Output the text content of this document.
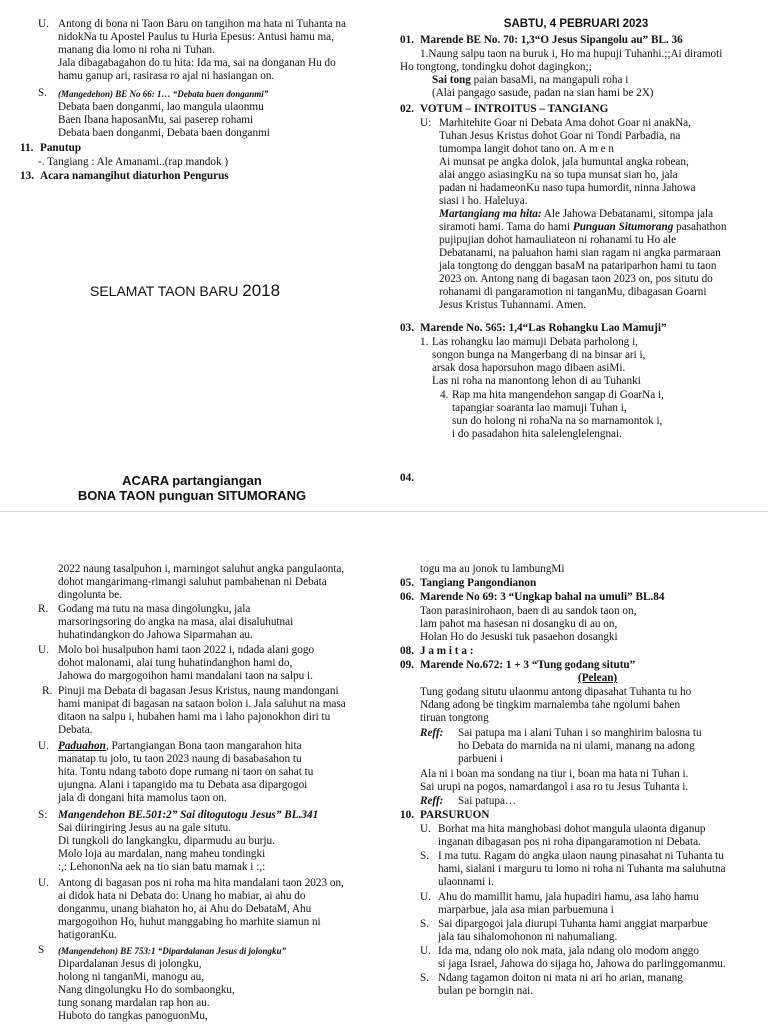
U. Antong di bona ni Taon Baru on tangihon ma hata ni Tuhanta na
nidokNa tu Apostel Paulus tu Huria Epesus: Antusi hamu ma,
manang dia lomo ni roha ni Tuhan.
Jala dibagabagahon do tu hita: Ida ma, sai na donganan Hu do
hamu ganup ari, rasirasa ro ajal ni hasiangan on.
S. (Mangedehon) BE No 66: 1… “Debata baen donganmi”
Debata baen donganmi, lao mangula ulaonmu
Baen Ibana haposanMu, sai paserep rohami
Debata baen donganmi, Debata baen donganmi
11. Panutup
-. Tangiang : Ale Amanami..(rap mandok )
13. Acara namangihut diaturhon Pengurus
SELAMAT TAON BARU 2018
SABTU, 4 PEBRUARI 2023
01. Marende BE No. 70: 1,3“O Jesus Sipangolu au” BL. 36
1.Naung salpu taon na buruk i, Ho ma hupuji Tuhanhi.;;Ai diramoti
Ho tongtong, tondingku dohot dagingkon;;
Sai tong paian basaMi, na mangapuli roha i
(Alai pangago sasude, padan na sian hami be 2X)
02. VOTUM – INTROITUS – TANGIANG
U: Marhitehite Goar ni Debata Ama dohot Goar ni anakNa,
Tuhan Jesus Kristus dohot Goar ni Tondi Parbadia, na
tumompa langit dohot tano on. A m e n
Ai munsat pe angka dolok, jala humuntal angka robean,
alai anggo asiasingKu na so tupa munsat sian ho, jala
padan ni hadameonKu naso tupa humordit, ninna Jahowa
siasi i ho. Haleluya.
Martangiang ma hita: Ale Jahowa Debatanami, sitompa jala
siramoti hami. Tama do hami Punguan Situmorang pasahathon
pujipujian dohot hamauliateon ni rohanami tu Ho ale
Debatanami, na paluahon hami sian ragam ni angka parmaraan
jala tongtong do denggan basaM na patariparhon hami tu taon
2023 on. Antong nang di bagasan taon 2023 on, pos situtu do
rohanami di pangaramotion ni tanganMu, dibagasan Goarni
Jesus Kristus Tuhannami. Amen.
03. Marende No. 565: 1,4“Las Rohangku Lao Mamuji”
1. Las rohangku lao mamuji Debata parholong i,
songon bunga na Mangerbang di na binsar ari i,
arsak dosa haporsuhon mago dibaen asiMi.
Las ni roha na manontong lehon di au Tuhanki
4. Rap ma hita mangendehon sangap di GoarNa i,
tapangiar soaranta lao mamuji Tuhan i,
sun do holong ni rohaNa na so marnamontok i,
i do pasadahon hita salelenglelengnai.
ACARA partangiangan
BONA TAON punguan SITUMORANG
2022 naung tasalpuhon i, marningot saluhut angka pangulaonta,
dohot mangarimang-rimangi saluhut pambahenan ni Debata
dingolunta be.
R. Godang ma tutu na masa dingolungku, jala
marsoringsoring do angka na masa, alai disaluhutnai
huhatindangkon do Jahowa Siparmahan au.
U. Molo boi husalpuhon hami taon 2022 i, ndada alani gogo
dohot malonami, alai tung huhatindanghon hami do,
Jahowa do margogoihon hami mandalani taon na salpu i.
R. Pinuji ma Debata di bagasan Jesus Kristus, naung mandongani
hami manipat di bagasan na sataon bolon i. Jala saluhut na masa
ditaon na salpu i, hubahen hami ma i laho pajonokhon diri tu
Debata.
U. Paduahon, Partangiangan Bona taon mangarahon hita
manatap tu jolo, tu taon 2023 naung di basabasahon tu
hita. Tontu ndang taboto dope rumang ni taon on sahat tu
ujungna. Alani i tapangido ma tu Debata asa dipargogoi
jala di dongani hita mamolus taon on.
S: Mangendehon BE.501:2” Sai ditogutogu Jesus” BL.341
Sai diiringiring Jesus au na gale situtu.
Di tungkoli do langkangku, diparmudu au burju.
Molo loja au mardalan, nang maheu tondingki
:,: LehononNa aek na tio sian batu mamak i :,:
U. Antong di bagasan pos ni roha ma hita mandalani taon 2023 on,
ai didok hata ni Debata do: Unang ho mabiar, ai ahu do
donganmu, unang biahaton ho, ai Ahu do DebataM, Ahu
margogoihon Ho, huhut manggabing ho marhite siamun ni
hatigoranKu.
S (Mangendehon) BE 753:1 “Dipardalanan Jesus di jolongku”
Dipardalanan Jesus di jolongku,
holong ni tanganMi, manogu au,
Nang dingolungku Ho do sombaongku,
tung sonang mardalan rap hon au.
Huboto do tangkas panoguonMu,
togu ma au jonok tu lambungMi
05. Tangiang Pangondianon
06. Marende No 69: 3 “Ungkap bahal na umuli” BL.84
Taon parasinirohaon, baen di au sandok taon on,
lam pahot ma hasesan ni dosangku di au on,
Holan Ho do Jesuski tuk pasaehon dosangki
08. J a m i t a :
09. Marende No.672: 1 + 3 “Tung godang situtu”
(Pelean)
Tung godang situtu ulaonmu antong dipasahat Tuhanta tu ho
Ndang adong be tingkim marnalemba tahe ngolumi bahen
tiruan tongtong
Reff: Sai patupa ma i alani Tuhan i so manghirim balosna tu
ho Debata do marnida na ni ulami, manang na adong
parbueni i
Ala ni i boan ma sondang na tiur i, boan ma hata ni Tuhan i.
Sai urupi na pogos, namardangol i asa ro tu Jesus Tuhanta i.
Reff: Sai patupa…
10. PARSURUON
U. Borhat ma hita manghobasi dohot mangula ulaonta diganup
inganan dibagasan pos ni roha dipangaramotion ni Debata.
S. I ma tutu. Ragam do angka ulaon naung pinasahat ni Tuhanta tu
hami, sialani i marguru tu lomo ni roha ni Tuhanta ma saluhutna
ulaonnami i.
U. Ahu do mamillit hamu, jala hupadiri hamu, asa laho hamu
marparbue, jala asa mian parbuemuna i
S. Sai dipargogoi jala diurupi Tuhanta hami anggiat marparbue
jala tau sihalomohonon ni nahumaliang.
U. Ida ma, ndang olo nok mata, jala ndang olo modom anggo
si jaga Israel, Jahowa do sijaga ho, Jahowa do parlinggomanmu.
S. Ndang tagamon doiton ni mata ni ari ho arian, manang
bulan pe borngin nai.
04.
